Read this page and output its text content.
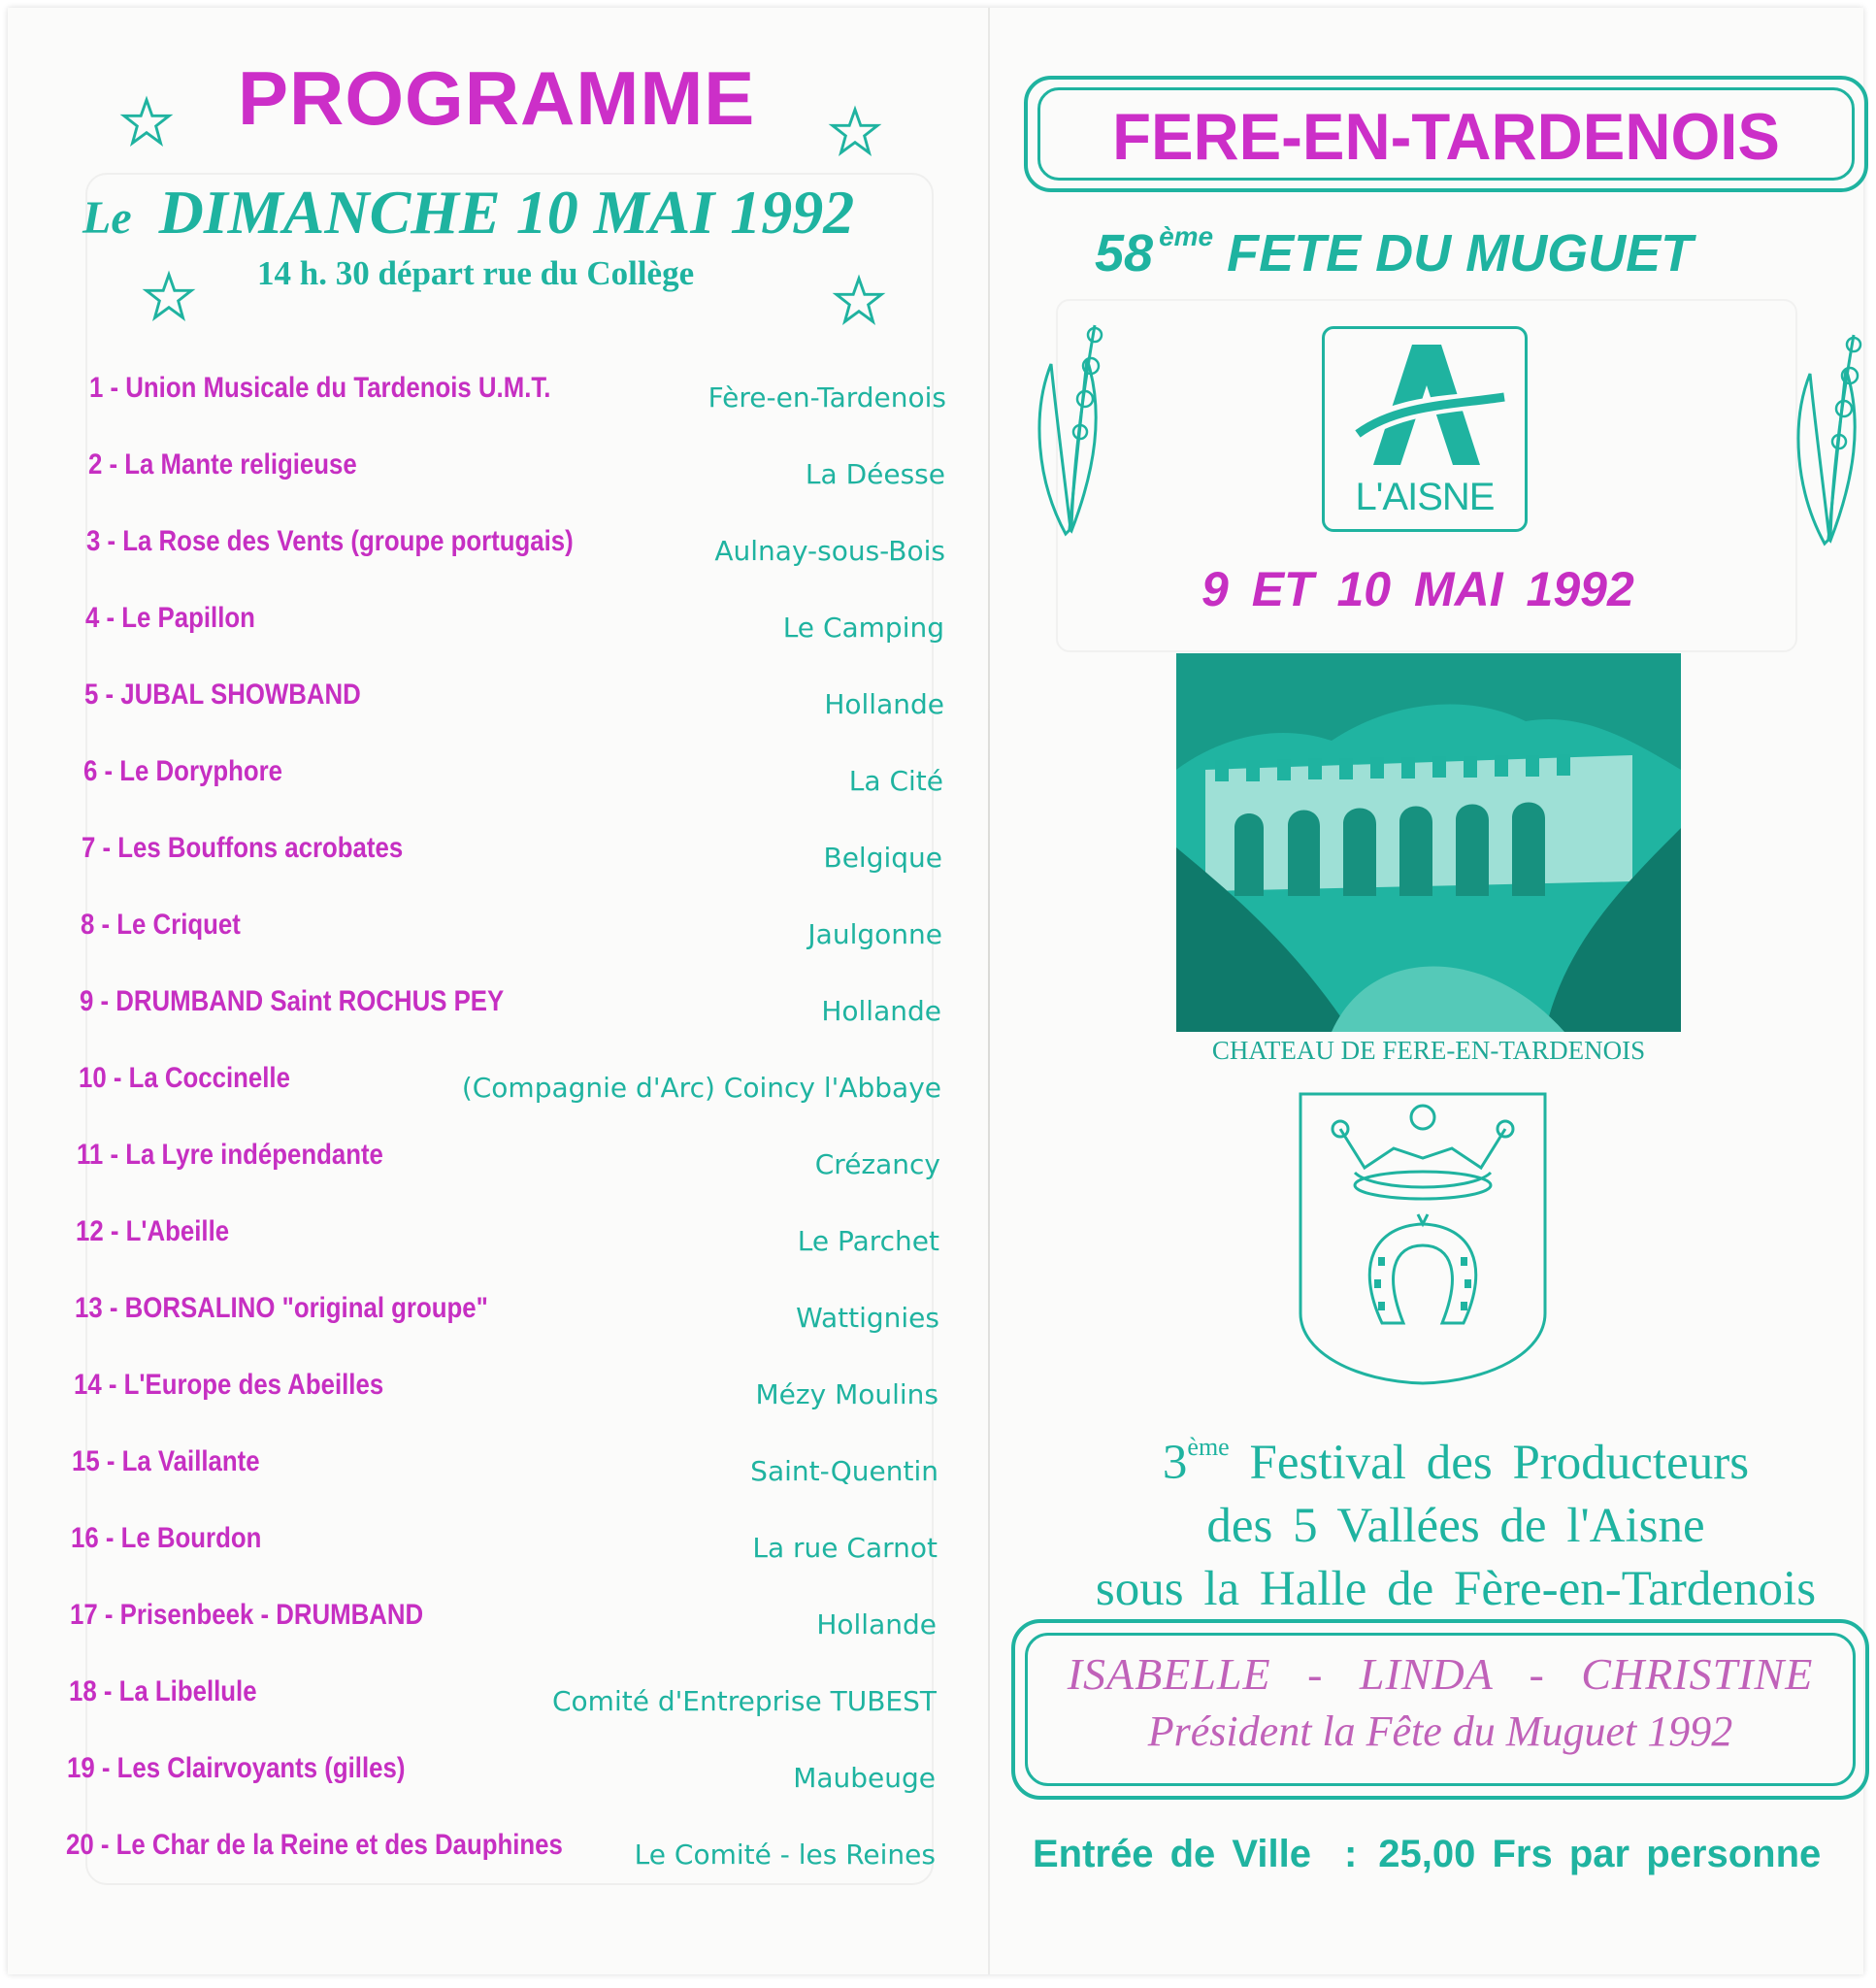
PROGRAMME
Le DIMANCHE 10 MAI 1992
14 h. 30 départ rue du Collège
1 - Union Musicale du Tardenois U.M.T.	Fère-en-Tardenois
2 - La Mante religieuse	La Déesse
3 - La Rose des Vents (groupe portugais)	Aulnay-sous-Bois
4 - Le Papillon	Le Camping
5 - JUBAL SHOWBAND	Hollande
6 - Le Doryphore	La Cité
7 - Les Bouffons acrobates	Belgique
8 - Le Criquet	Jaulgonne
9 - DRUMBAND Saint ROCHUS PEY	Hollande
10 - La Coccinelle	(Compagnie d'Arc) Coincy l'Abbaye
11 - La Lyre indépendante	Crézancy
12 - L'Abeille	Le Parchet
13 - BORSALINO "original groupe"	Wattignies
14 - L'Europe des Abeilles	Mézy Moulins
15 - La Vaillante	Saint-Quentin
16 - Le Bourdon	La rue Carnot
17 - Prisenbeek - DRUMBAND	Hollande
18 - La Libellule	Comité d'Entreprise TUBEST
19 - Les Clairvoyants (gilles)	Maubeuge
20 - Le Char de la Reine et des Dauphines	Le Comité - les Reines
FERE-EN-TARDENOIS
58 $^{ème}$ FETE DU MUGUET
L'AISNE
9 ET 10 MAI 1992
CHATEAU DE FERE-EN-TARDENOIS
3ème Festival des Producteurs
des 5 Vallées de l'Aisne
sous la Halle de Fère-en-Tardenois
ISABELLE   -   LINDA   -   CHRISTINE
Président la Fête du Muguet 1992
Entrée de Ville : 25,00 Frs par personne
